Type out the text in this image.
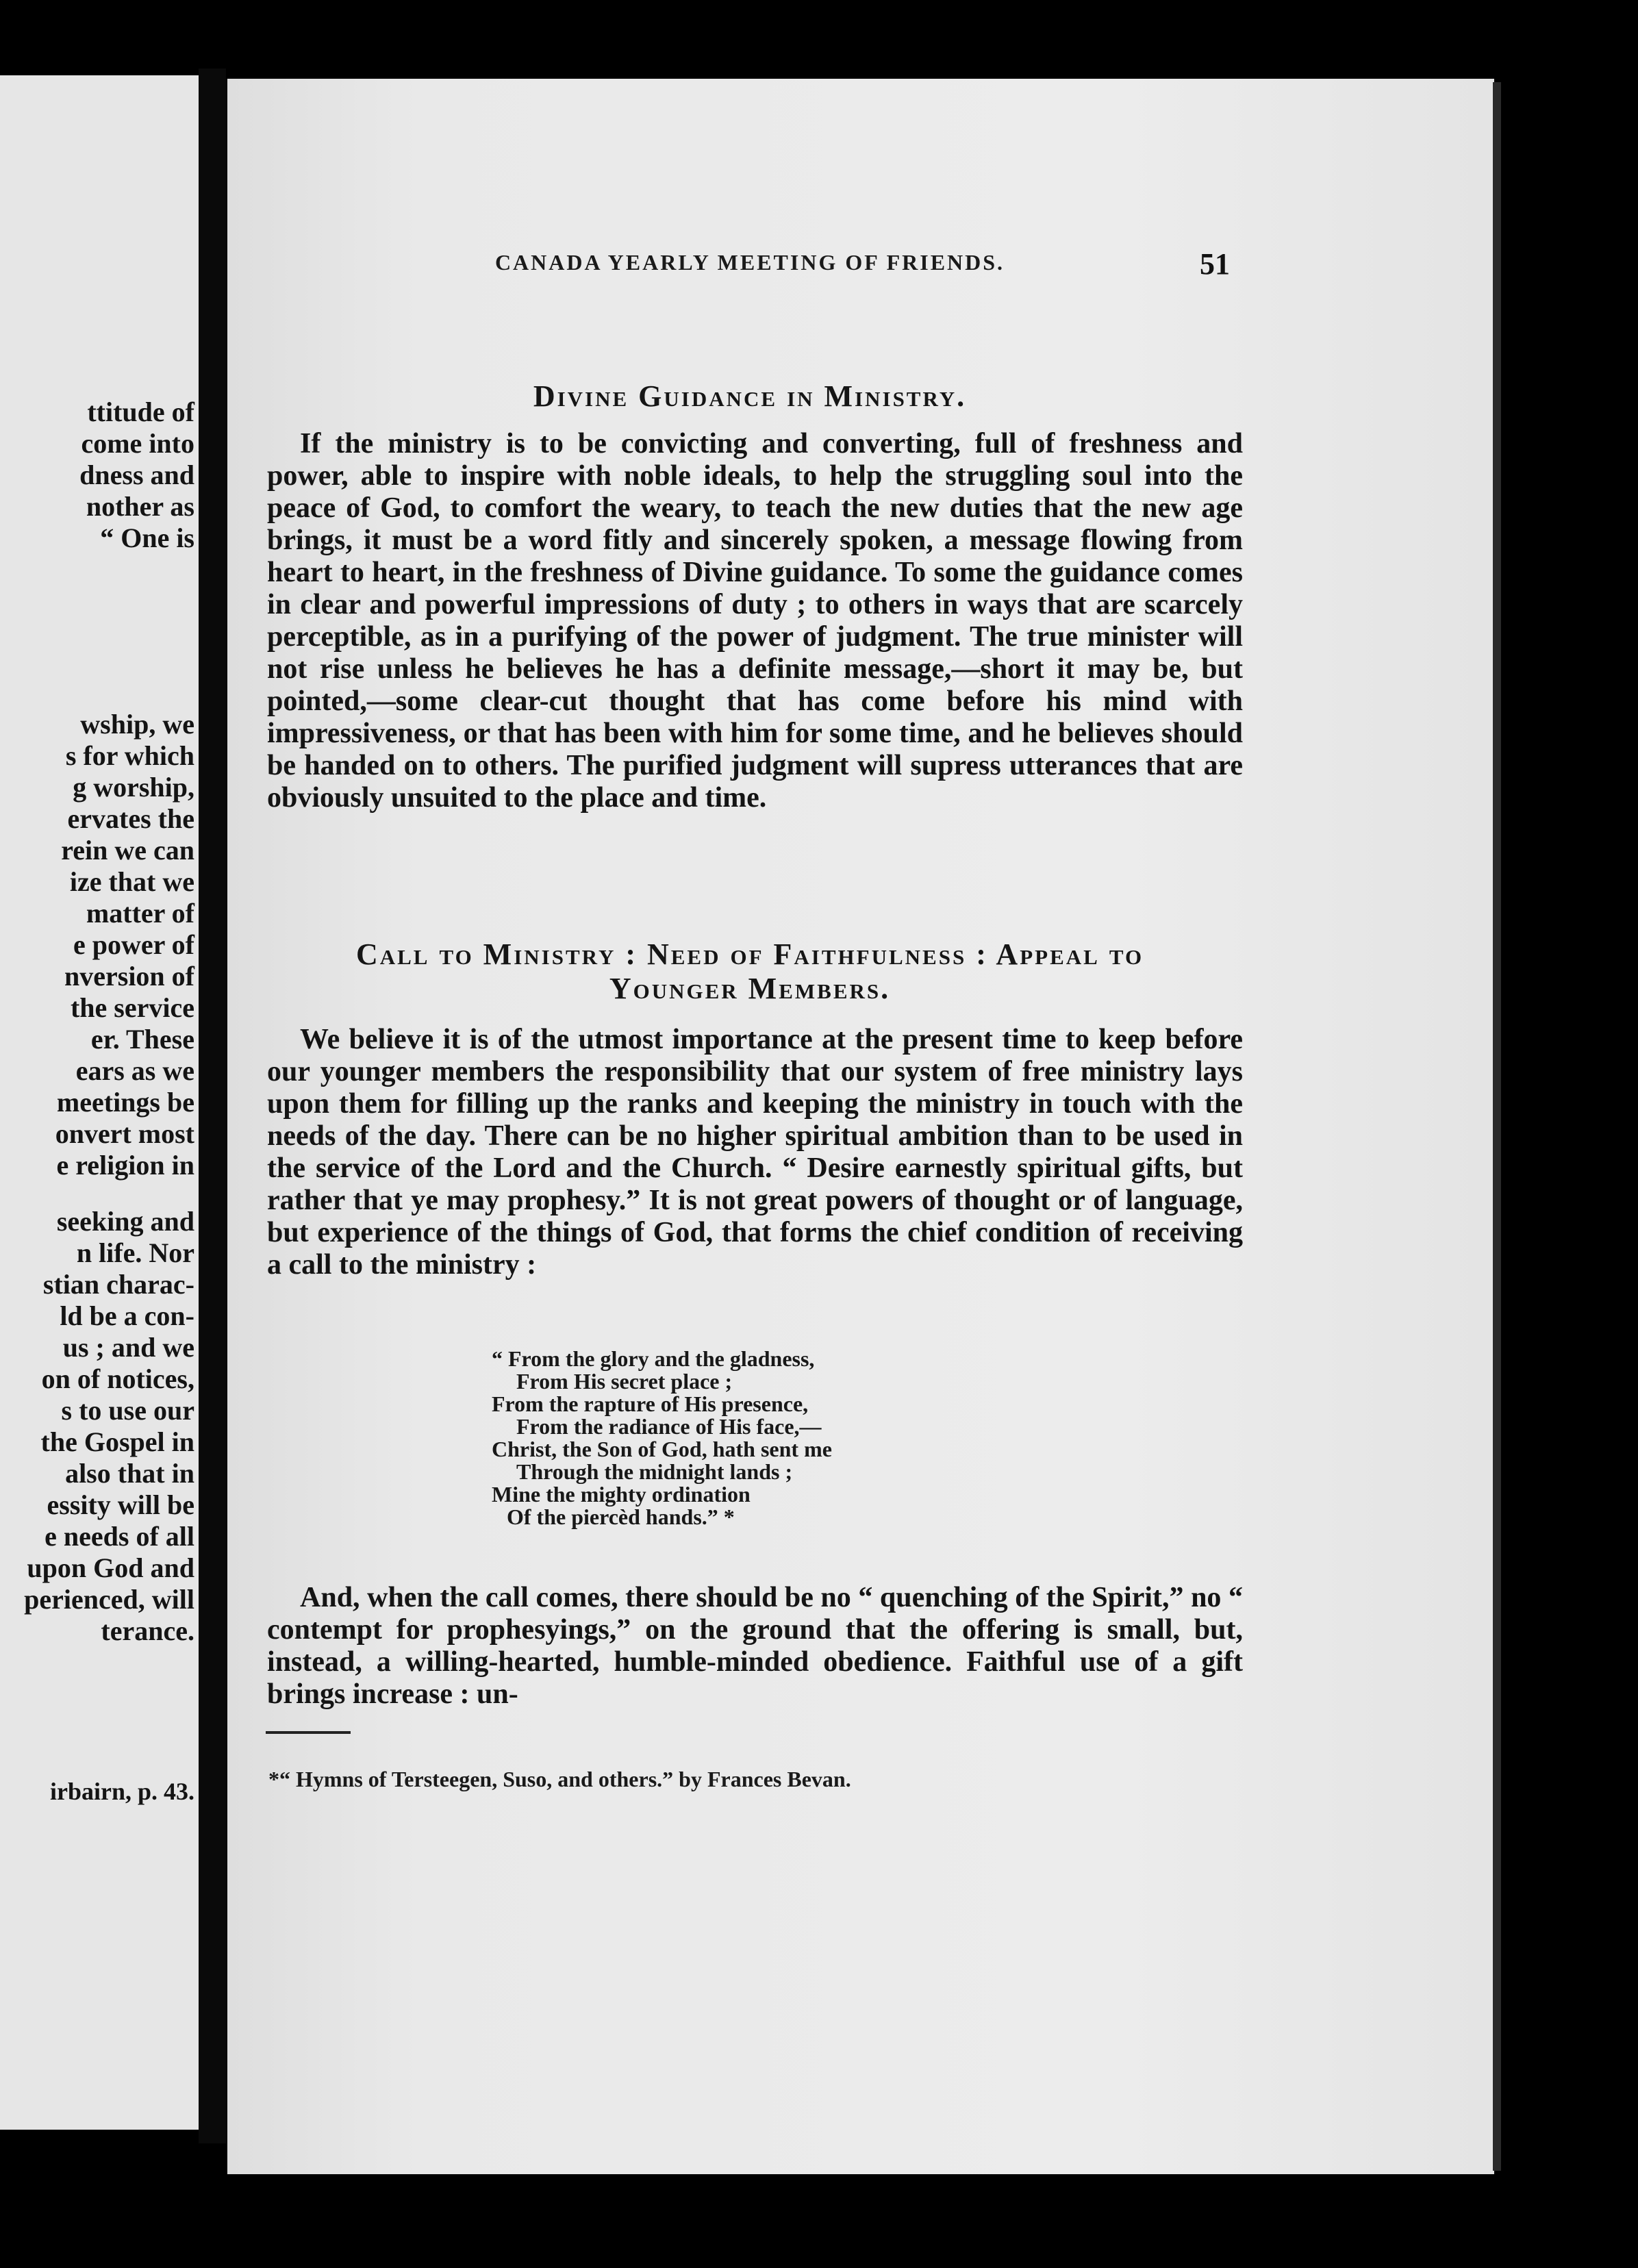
ttitude of
come into
dness and
nother as
“ One is
wship, we
s for which
g worship,
ervates the
rein we can
ize that we
matter of
e power of
nversion of
the service
er. These
ears as we
meetings be
onvert most
e religion in
seeking and
n life. Nor
stian charac-
ld be a con-
us ; and we
on of notices,
s to use our
the Gospel in
also that in
essity will be
e needs of all
upon God and
perienced, will
terance.
irbairn, p. 43.
CANADA YEARLY MEETING OF FRIENDS.	51
Divine Guidance in Ministry.

If the ministry is to be convicting and converting, full of freshness and power, able to inspire with noble ideals, to help the struggling soul into the peace of God, to comfort the weary, to teach the new duties that the new age brings, it must be a word fitly and sincerely spoken, a message flowing from heart to heart, in the freshness of Divine guidance. To some the guidance comes in clear and powerful impressions of duty ; to others in ways that are scarcely perceptible, as in a purifying of the power of judgment. The true minister will not rise unless he believes he has a definite message,—short it may be, but pointed,—some clear-cut thought that has come before his mind with impressiveness, or that has been with him for some time, and he believes should be handed on to others. The purified judgment will supress utterances that are obviously unsuited to the place and time.

Call to Ministry : Need of Faithfulness : Appeal to
Younger Members.

We believe it is of the utmost importance at the present time to keep before our younger members the responsibility that our system of free ministry lays upon them for filling up the ranks and keeping the ministry in touch with the needs of the day. There can be no higher spiritual ambition than to be used in the service of the Lord and the Church. “ Desire earnestly spiritual gifts, but rather that ye may prophesy.” It is not great powers of thought or of language, but experience of the things of God, that forms the chief condition of receiving a call to the ministry :

“ From the glory and the gladness,
From His secret place ;
From the rapture of His presence,
From the radiance of His face,—
Christ, the Son of God, hath sent me
Through the midnight lands ;
Mine the mighty ordination
Of the piercèd hands.” *

And, when the call comes, there should be no “ quenching of the Spirit,” no “ contempt for prophesyings,” on the ground that the offering is small, but, instead, a willing-hearted, humble-minded obedience. Faithful use of a gift brings increase : un-

*“ Hymns of Tersteegen, Suso, and others.” by Frances Bevan.
